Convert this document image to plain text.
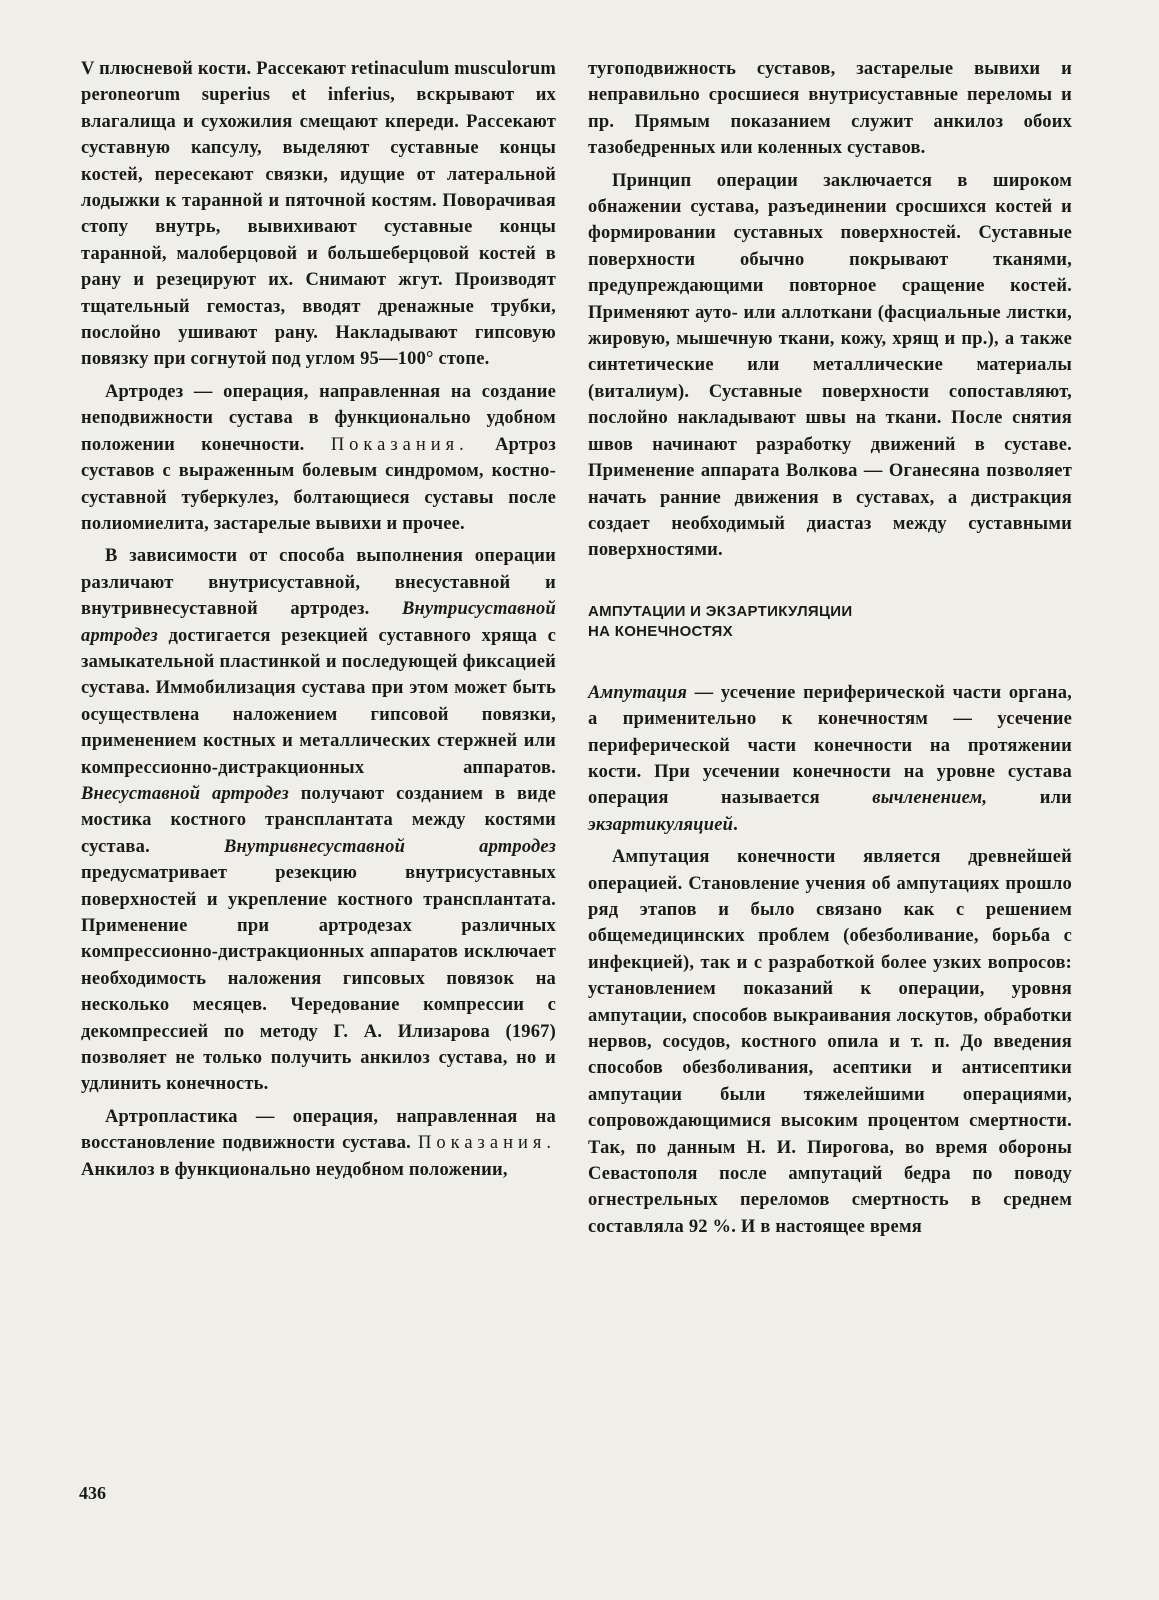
V плюсневой кости. Рассекают retinaculum musculorum peroneorum superius et inferius, вскрывают их влагалища и сухожилия смещают кпереди. Рассекают суставную капсулу, выделяют суставные концы костей, пересекают связки, идущие от латеральной лодыжки к таранной и пяточной костям. Поворачивая стопу внутрь, вывихивают суставные концы таранной, малоберцовой и большеберцовой костей в рану и резецируют их. Снимают жгут. Производят тщательный гемостаз, вводят дренажные трубки, послойно ушивают рану. Накладывают гипсовую повязку при согнутой под углом 95—100° стопе.

Артродез — операция, направленная на создание неподвижности сустава в функционально удобном положении конечности. Показания. Артроз суставов с выраженным болевым синдромом, костно-суставной туберкулез, болтающиеся суставы после полиомиелита, застарелые вывихи и прочее.

В зависимости от способа выполнения операции различают внутрисуставной, внесуставной и внутривнесуставной артродез. Внутрисуставной артродез достигается резекцией суставного хряща с замыкательной пластинкой и последующей фиксацией сустава. Иммобилизация сустава при этом может быть осуществлена наложением гипсовой повязки, применением костных и металлических стержней или компрессионно-дистракционных аппаратов. Внесуставной артродез получают созданием в виде мостика костного трансплантата между костями сустава. Внутривнесуставной артродез предусматривает резекцию внутрисуставных поверхностей и укрепление костного трансплантата. Применение при артродезах различных компрессионно-дистракционных аппаратов исключает необходимость наложения гипсовых повязок на несколько месяцев. Чередование компрессии с декомпрессией по методу Г. А. Илизарова (1967) позволяет не только получить анкилоз сустава, но и удлинить конечность.

Артропластика — операция, направленная на восстановление подвижности сустава. Показания. Анкилоз в функционально неудобном положении,

тугоподвижность суставов, застарелые вывихи и неправильно сросшиеся внутрисуставные переломы и пр. Прямым показанием служит анкилоз обоих тазобедренных или коленных суставов.

Принцип операции заключается в широком обнажении сустава, разъединении сросшихся костей и формировании суставных поверхностей. Суставные поверхности обычно покрывают тканями, предупреждающими повторное сращение костей. Применяют ауто- или аллоткани (фасциальные листки, жировую, мышечную ткани, кожу, хрящ и пр.), а также синтетические или металлические материалы (виталиум). Суставные поверхности сопоставляют, послойно накладывают швы на ткани. После снятия швов начинают разработку движений в суставе. Применение аппарата Волкова — Оганесяна позволяет начать ранние движения в суставах, а дистракция создает необходимый диастаз между суставными поверхностями.

АМПУТАЦИИ И ЭКЗАРТИКУЛЯЦИИ
НА КОНЕЧНОСТЯХ

Ампутация — усечение периферической части органа, а применительно к конечностям — усечение периферической части конечности на протяжении кости. При усечении конечности на уровне сустава операция называется вычленением, или экзартикуляцией.

Ампутация конечности является древнейшей операцией. Становление учения об ампутациях прошло ряд этапов и было связано как с решением общемедицинских проблем (обезболивание, борьба с инфекцией), так и с разработкой более узких вопросов: установлением показаний к операции, уровня ампутации, способов выкраивания лоскутов, обработки нервов, сосудов, костного опила и т. п. До введения способов обезболивания, асептики и антисептики ампутации были тяжелейшими операциями, сопровождающимися высоким процентом смертности. Так, по данным Н. И. Пирогова, во время обороны Севастополя после ампутаций бедра по поводу огнестрельных переломов смертность в среднем составляла 92 %. И в настоящее время

436
